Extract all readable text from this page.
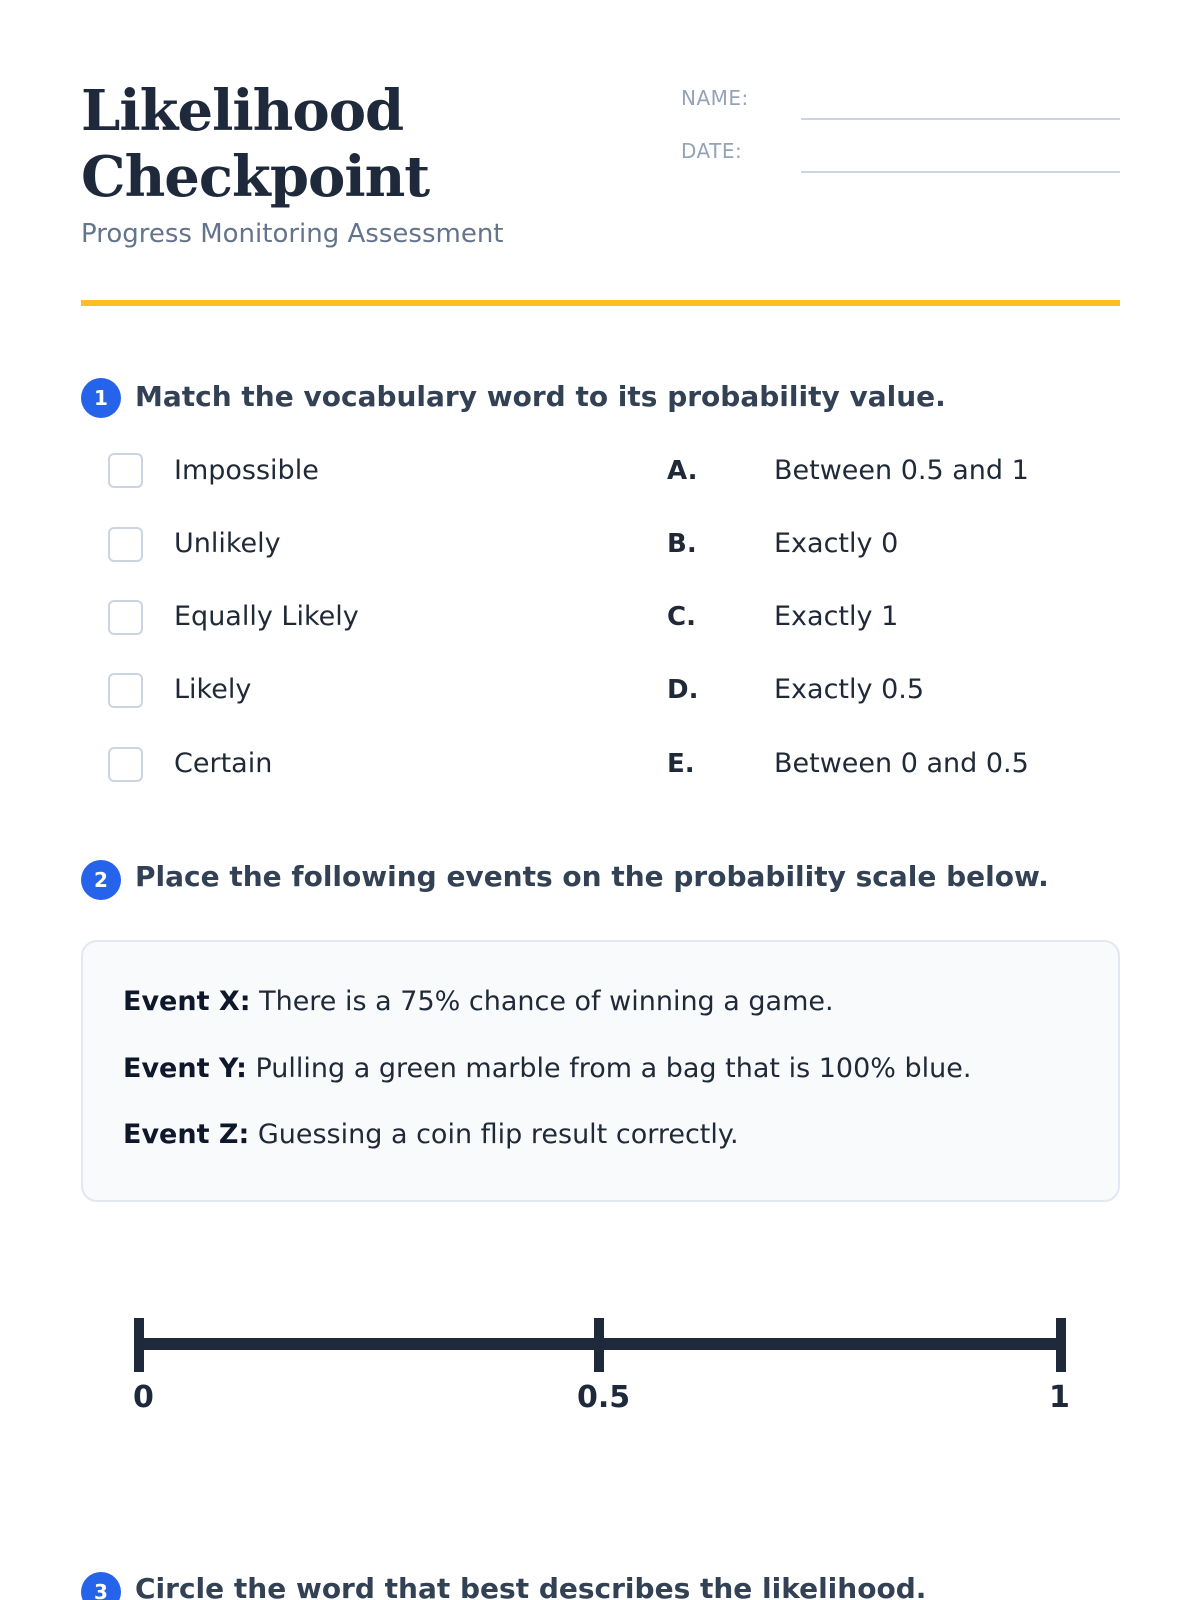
Likelihood
Checkpoint
Progress Monitoring Assessment
NAME:
DATE:
1 Match the vocabulary word to its probability value.
Impossible	A.	Between 0.5 and 1
Unlikely	B.	Exactly 0
Equally Likely	C.	Exactly 1
Likely	D.	Exactly 0.5
Certain	E.	Between 0 and 0.5
2 Place the following events on the probability scale below.
Event X: There is a 75% chance of winning a game.
Event Y: Pulling a green marble from a bag that is 100% blue.
Event Z: Guessing a coin flip result correctly.
0	0.5	1
3 Circle the word that best describes the likelihood.
